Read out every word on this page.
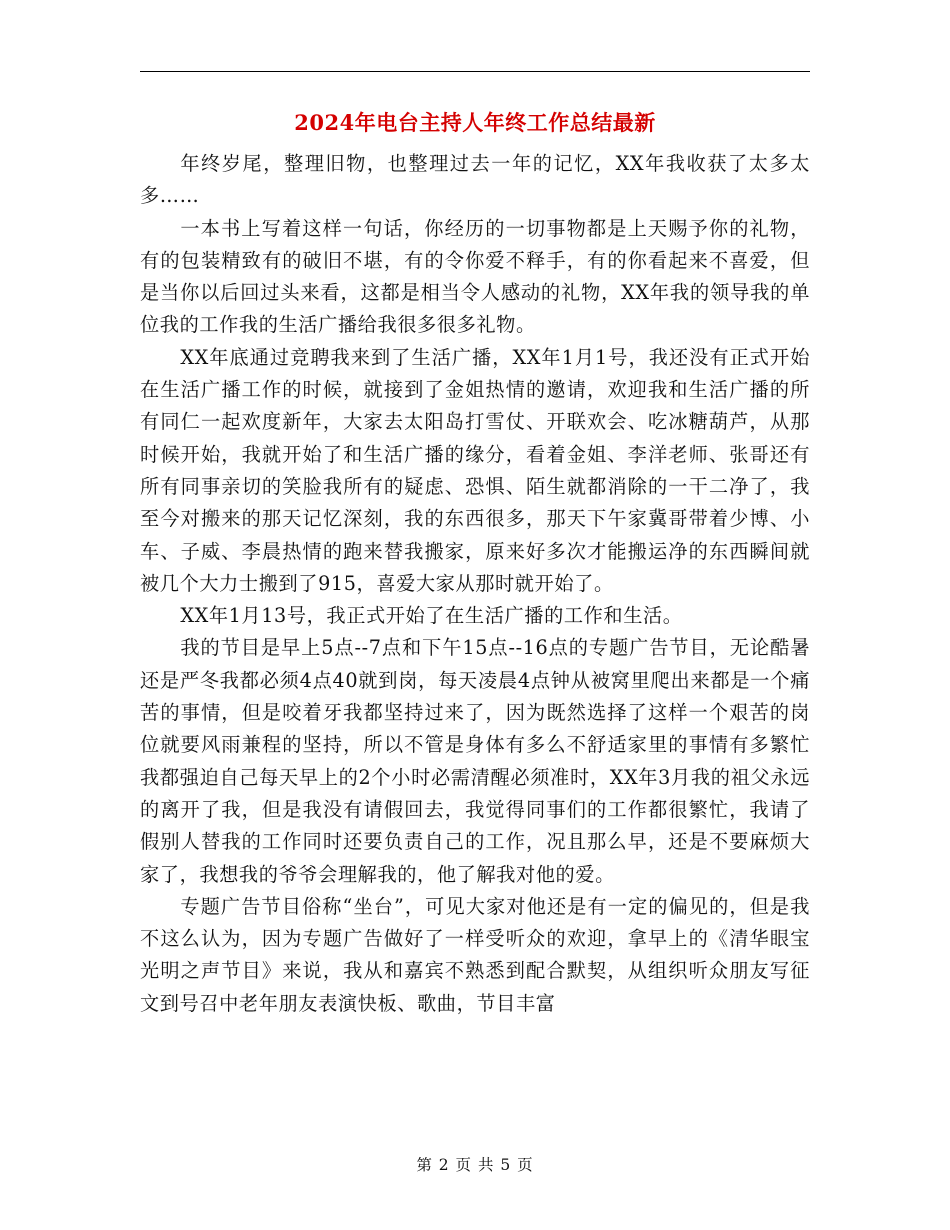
2024年电台主持人年终工作总结最新

年终岁尾，整理旧物，也整理过去一年的记忆，XX年我收获了太多太多……

一本书上写着这样一句话，你经历的一切事物都是上天赐予你的礼物，有的包装精致有的破旧不堪，有的令你爱不释手，有的你看起来不喜爱，但是当你以后回过头来看，这都是相当令人感动的礼物，XX年我的领导我的单位我的工作我的生活广播给我很多很多礼物。

XX年底通过竞聘我来到了生活广播，XX年1月1号，我还没有正式开始在生活广播工作的时候，就接到了金姐热情的邀请，欢迎我和生活广播的所有同仁一起欢度新年，大家去太阳岛打雪仗、开联欢会、吃冰糖葫芦，从那时候开始，我就开始了和生活广播的缘分，看着金姐、李洋老师、张哥还有所有同事亲切的笑脸我所有的疑虑、恐惧、陌生就都消除的一干二净了，我至今对搬来的那天记忆深刻，我的东西很多，那天下午家冀哥带着少博、小车、子威、李晨热情的跑来替我搬家，原来好多次才能搬运净的东西瞬间就被几个大力士搬到了915，喜爱大家从那时就开始了。

XX年1月13号，我正式开始了在生活广播的工作和生活。

我的节目是早上5点--7点和下午15点--16点的专题广告节目，无论酷暑还是严冬我都必须4点40就到岗，每天凌晨4点钟从被窝里爬出来都是一个痛苦的事情，但是咬着牙我都坚持过来了，因为既然选择了这样一个艰苦的岗位就要风雨兼程的坚持，所以不管是身体有多么不舒适家里的事情有多繁忙我都强迫自己每天早上的2个小时必需清醒必须准时，XX年3月我的祖父永远的离开了我，但是我没有请假回去，我觉得同事们的工作都很繁忙，我请了假别人替我的工作同时还要负责自己的工作，况且那么早，还是不要麻烦大家了，我想我的爷爷会理解我的，他了解我对他的爱。

专题广告节目俗称“坐台”，可见大家对他还是有一定的偏见的，但是我不这么认为，因为专题广告做好了一样受听众的欢迎，拿早上的《清华眼宝光明之声节目》来说，我从和嘉宾不熟悉到配合默契，从组织听众朋友写征文到号召中老年朋友表演快板、歌曲，节目丰富

第 2 页 共 5 页
